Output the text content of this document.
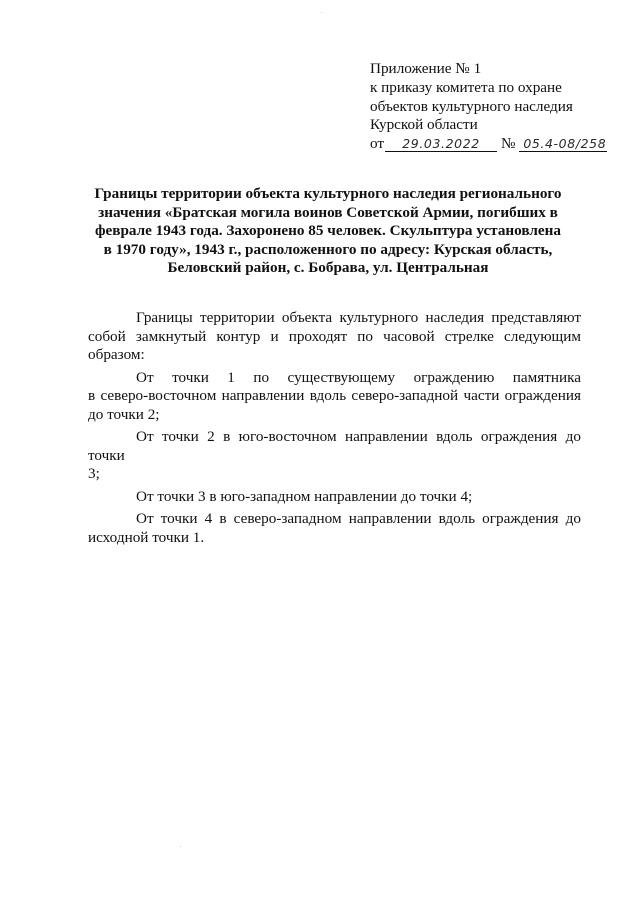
Приложение № 1
к приказу комитета по охране
объектов культурного наследия
Курской области
от 29.03.2022 № 05.4-08/258
Границы территории объекта культурного наследия регионального
значения «Братская могила воинов Советской Армии, погибших в
феврале 1943 года. Захоронено 85 человек. Скульптура установлена
в 1970 году», 1943 г., расположенного по адресу: Курская область,
Беловский район, с. Бобрава, ул. Центральная
Границы территории объекта культурного наследия представляют
собой замкнутый контур и проходят по часовой стрелке следующим
образом:
От точки 1 по существующему ограждению памятника
в северо-восточном направлении вдоль северо-западной части ограждения
до точки 2;
От точки 2 в юго-восточном направлении вдоль ограждения до точки
3;
От точки 3 в юго-западном направлении до точки 4;
От точки 4 в северо-западном направлении вдоль ограждения до
исходной точки 1.
